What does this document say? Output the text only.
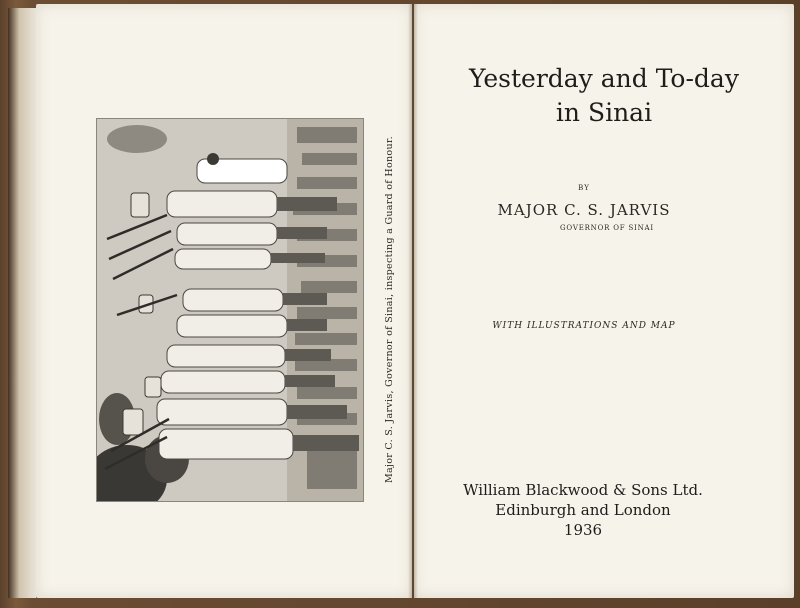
Major C. S. Jarvis, Governor of Sinai, inspecting a Guard of Honour.
Yesterday and To-day
in Sinai
BY
MAJOR C. S. JARVIS
GOVERNOR OF SINAI
WITH ILLUSTRATIONS AND MAP
William Blackwood & Sons Ltd.
Edinburgh and London
1936
